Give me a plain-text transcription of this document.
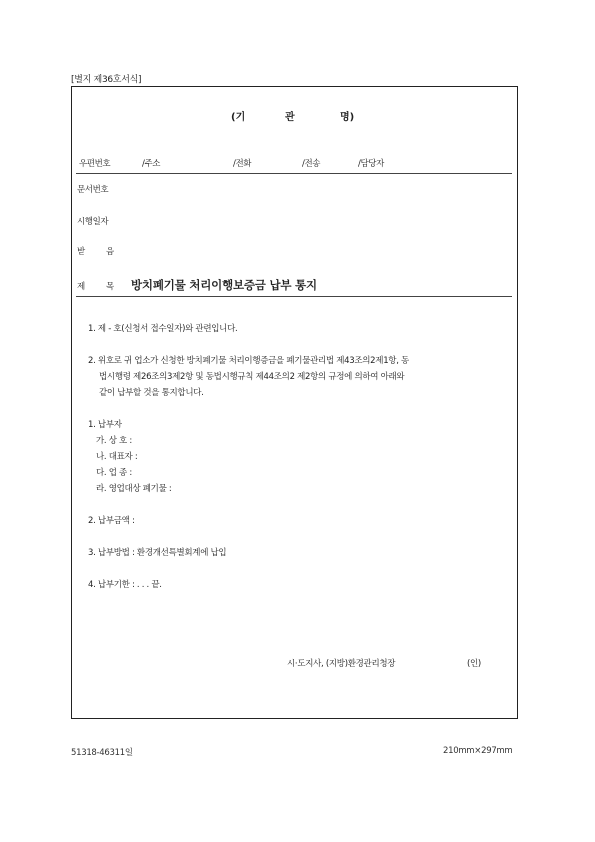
[별지 제36호서식]
(기	관	명)
우편번호	/주소	/전화	/전송	/담당자
문서번호
시행일자
받 음
제 목 방치폐기물 처리이행보증금 납부 통지
1. 제 - 호(신청서 접수일자)와 관련입니다.
2. 위호로 귀 업소가 신청한 방치폐기물 처리이행증금을 폐기물관리법 제43조의2제1항, 동
법시행령 제26조의3제2항 및 동법시행규칙 제44조의2 제2항의 규정에 의하여 아래와
같이 납부할 것을 통지합니다.
1. 납부자
가. 상 호 :
나. 대표자 :
다. 업 종 :
라. 영업대상 폐기물 :
2. 납부금액 :
3. 납부방법 : 환경개선특별회계에 납입
4. 납부기한 : . . . 끝.
시·도지사, (지방)환경관리청장	(인)
51318-46311일	210mm×297mm
